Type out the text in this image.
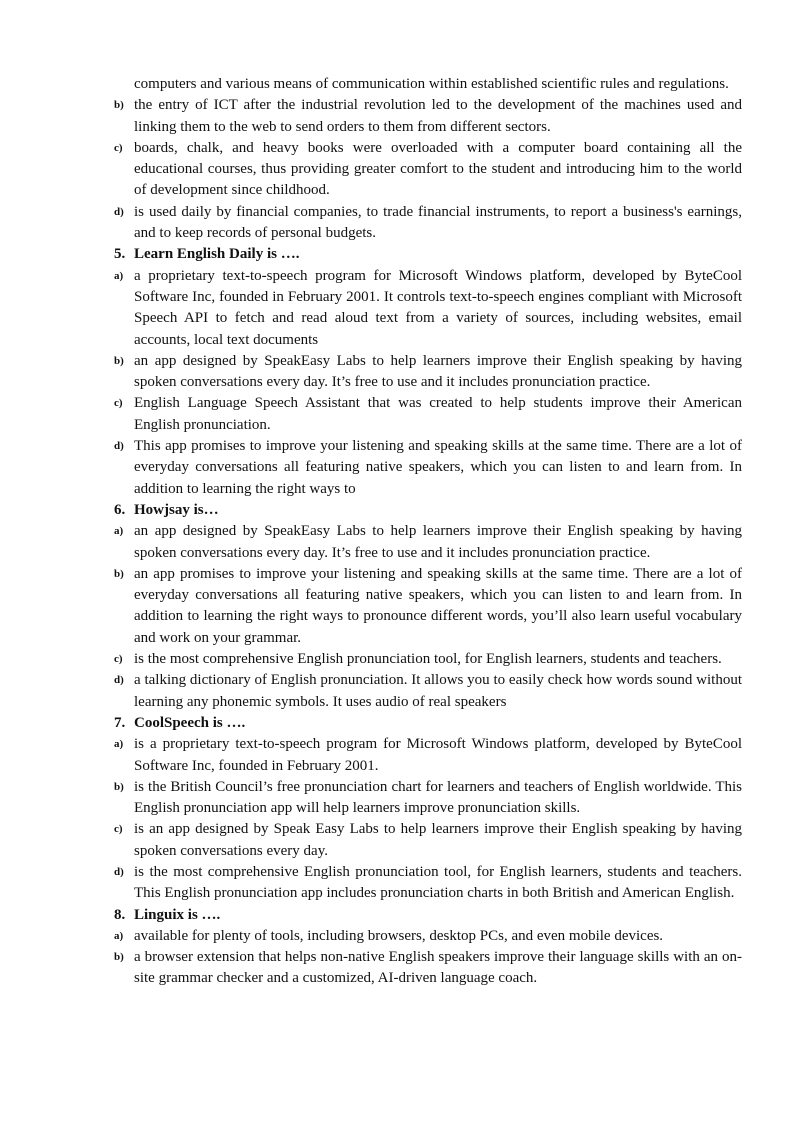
computers and various means of communication within established scientific rules and regulations.
b) the entry of ICT after the industrial revolution led to the development of the machines used and linking them to the web to send orders to them from different sectors.
c) boards, chalk, and heavy books were overloaded with a computer board containing all the educational courses, thus providing greater comfort to the student and introducing him to the world of development since childhood.
d) is used daily by financial companies, to trade financial instruments, to report a business's earnings, and to keep records of personal budgets.
5. Learn English Daily is ….
a) a proprietary text-to-speech program for Microsoft Windows platform, developed by ByteCool Software Inc, founded in February 2001. It controls text-to-speech engines compliant with Microsoft Speech API to fetch and read aloud text from a variety of sources, including websites, email accounts, local text documents
b) an app designed by SpeakEasy Labs to help learners improve their English speaking by having spoken conversations every day. It’s free to use and it includes pronunciation practice.
c) English Language Speech Assistant that was created to help students improve their American English pronunciation.
d) This app promises to improve your listening and speaking skills at the same time. There are a lot of everyday conversations all featuring native speakers, which you can listen to and learn from. In addition to learning the right ways to
6. Howjsay is…
a) an app designed by SpeakEasy Labs to help learners improve their English speaking by having spoken conversations every day. It’s free to use and it includes pronunciation practice.
b) an app promises to improve your listening and speaking skills at the same time. There are a lot of everyday conversations all featuring native speakers, which you can listen to and learn from. In addition to learning the right ways to pronounce different words, you’ll also learn useful vocabulary and work on your grammar.
c) is the most comprehensive English pronunciation tool, for English learners, students and teachers.
d) a talking dictionary of English pronunciation. It allows you to easily check how words sound without learning any phonemic symbols. It uses audio of real speakers
7. CoolSpeech is ….
a) is a proprietary text-to-speech program for Microsoft Windows platform, developed by ByteCool Software Inc, founded in February 2001.
b) is the British Council’s free pronunciation chart for learners and teachers of English worldwide. This English pronunciation app will help learners improve pronunciation skills.
c) is an app designed by Speak Easy Labs to help learners improve their English speaking by having spoken conversations every day.
d) is the most comprehensive English pronunciation tool, for English learners, students and teachers. This English pronunciation app includes pronunciation charts in both British and American English.
8. Linguix is ….
a) available for plenty of tools, including browsers, desktop PCs, and even mobile devices.
b) a browser extension that helps non-native English speakers improve their language skills with an on-site grammar checker and a customized, AI-driven language coach.
